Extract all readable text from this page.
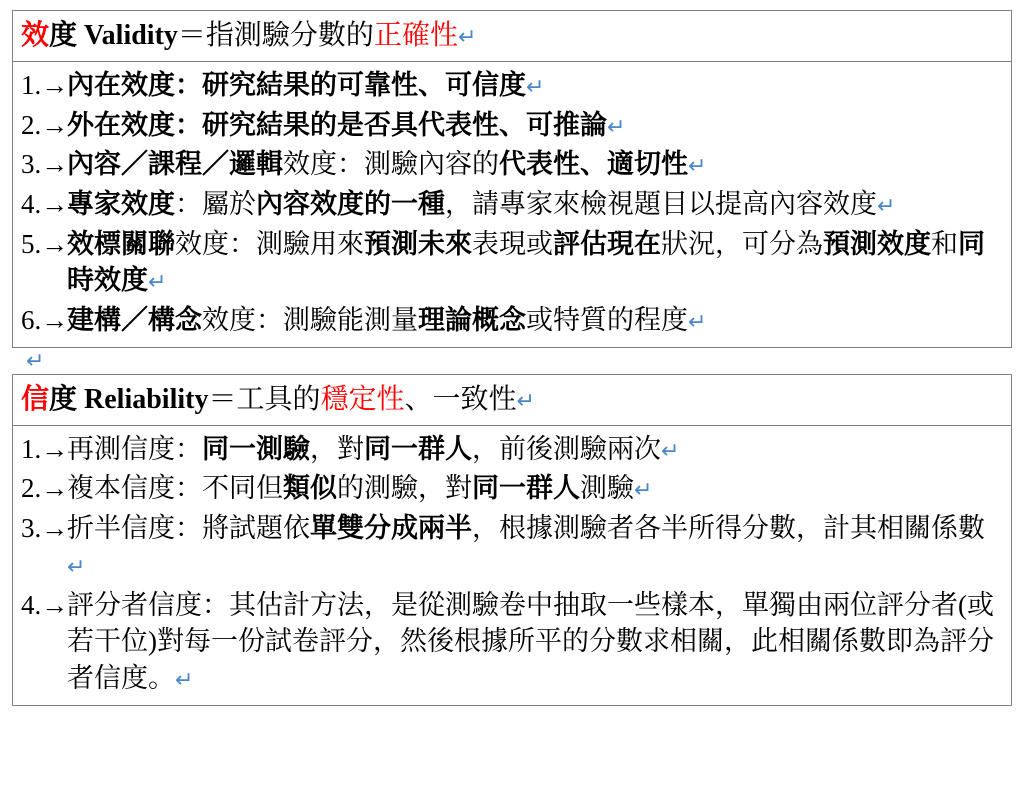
效度 Validity＝指測驗分數的正確性↵

1.→
內在效度：研究結果的可靠性、可信度↵
2.→
外在效度：研究結果的是否具代表性、可推論↵
3.→
內容／課程／邏輯效度：測驗內容的代表性、適切性↵
4.→
專家效度：屬於內容效度的一種，請專家來檢視題目以提高內容效度↵
5.→
效標關聯效度：測驗用來預測未來表現或評估現在狀況，可分為預測效度和同時效度↵
6.→
建構／構念效度：測驗能測量理論概念或特質的程度↵
↵
信度 Reliability＝工具的穩定性、一致性↵

1.→
再測信度：同一測驗，對同一群人，前後測驗兩次↵
2.→
複本信度：不同但類似的測驗，對同一群人測驗↵
3.→
折半信度：將試題依單雙分成兩半，根據測驗者各半所得分數，計其相關係數↵
4.→
評分者信度：其估計方法，是從測驗卷中抽取一些樣本，單獨由兩位評分者(或若干位)對每一份試卷評分，然後根據所平的分數求相關，此相關係數即為評分者信度。↵
